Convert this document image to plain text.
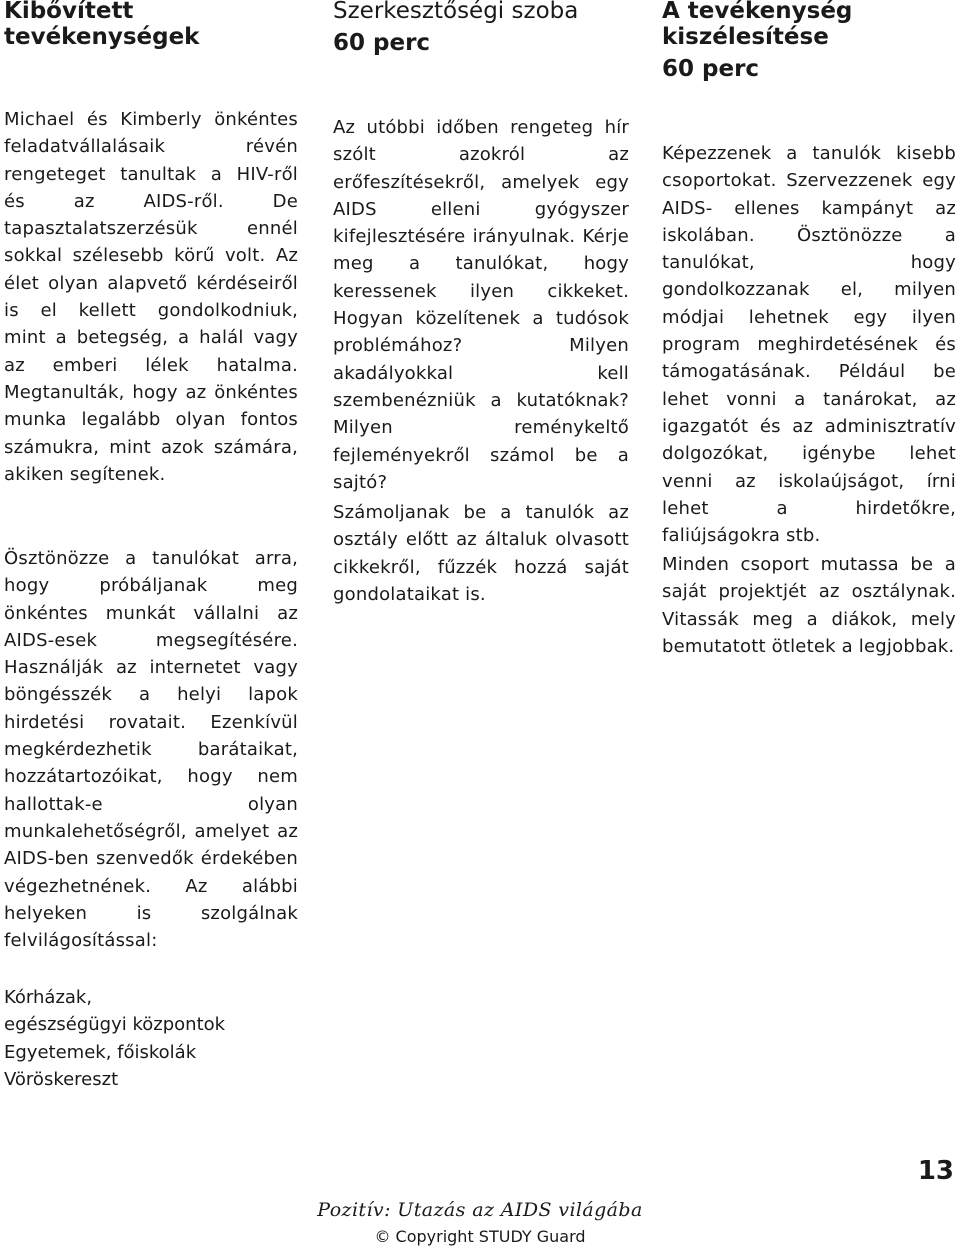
Kibővített
tevékenységek

Michael és Kimberly önkéntes feladatvállalásaik révén rengeteget tanultak a HIV-ről és az AIDS-ről. De tapasztalatszerzésük ennél sokkal szélesebb körű volt. Az élet olyan alapvető kérdéseiről is el kellett gondolkodniuk, mint a betegség, a halál vagy az emberi lélek hatalma. Megtanulták, hogy az önkéntes munka legalább olyan fontos számukra, mint azok számára, akiken segítenek.

Ösztönözze a tanulókat arra, hogy próbáljanak meg önkéntes munkát vállalni az AIDS-esek megsegítésére. Használják az internetet vagy böngésszék a helyi lapok hirdetési rovatait. Ezenkívül megkérdezhetik barátaikat, hozzátartozóikat, hogy nem hallottak-e olyan munkalehetőségről, amelyet az AIDS-ben szenvedők érdekében végezhetnének. Az alábbi helyeken is szolgálnak felvilágosítással:

Kórházak,
egészségügyi központok
Egyetemek, főiskolák
Vöröskereszt
Szerkesztőségi szoba
60 perc

Az utóbbi időben rengeteg hír szólt azokról az erőfeszítésekről, amelyek egy AIDS elleni gyógyszer kifejlesztésére irányulnak. Kérje meg a tanulókat, hogy keressenek ilyen cikkeket. Hogyan közelítenek a tudósok problémához? Milyen akadályokkal kell szembenézniük a kutatóknak? Milyen reménykeltő fejleményekről számol be a sajtó?

Számoljanak be a tanulók az osztály előtt az általuk olvasott cikkekről, fűzzék hozzá saját gondolataikat is.

A tevékenység
kiszélesítése
60 perc

Képezzenek a tanulók kisebb csoportokat. Szervezzenek egy AIDS- ellenes kampányt az iskolában. Ösztönözze a tanulókat, hogy gondolkozzanak el, milyen módjai lehetnek egy ilyen program meghirdetésének és támogatásának. Például be lehet vonni a tanárokat, az igazgatót és az adminisztratív dolgozókat, igénybe lehet venni az iskolaújságot, írni lehet a hirdetőkre, faliújságokra stb.

Minden csoport mutassa be a saját projektjét az osztálynak. Vitassák meg a diákok, mely bemutatott ötletek a legjobbak.

13
Pozitív: Utazás az AIDS világába
© Copyright STUDY Guard
